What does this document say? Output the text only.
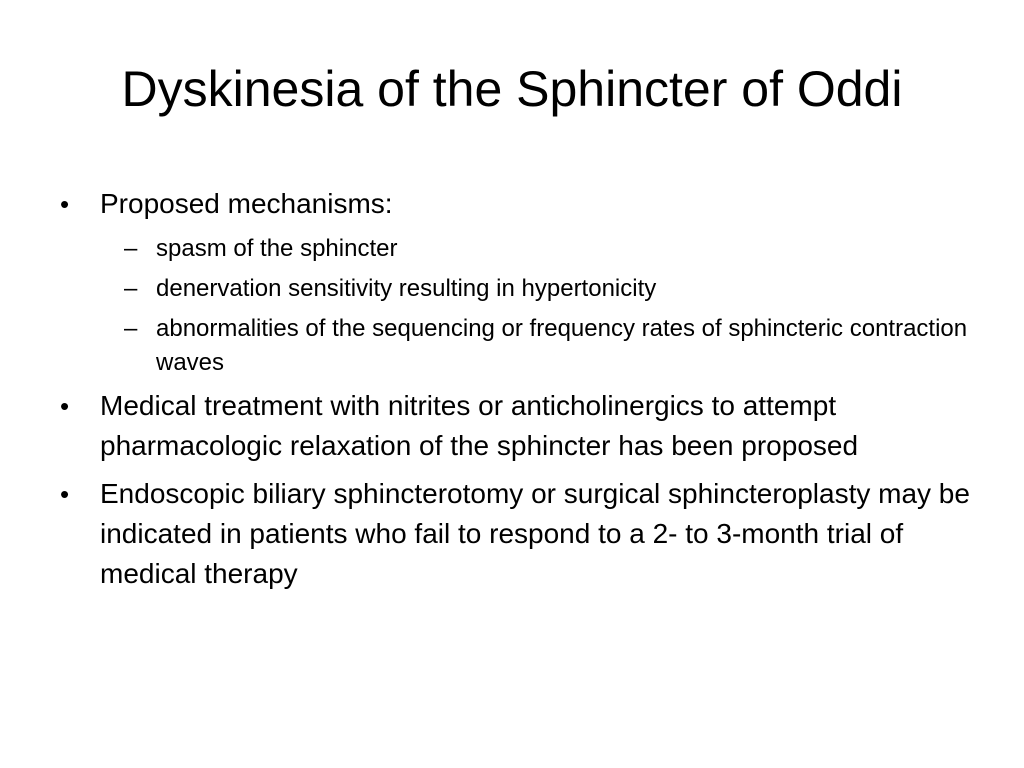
Dyskinesia of the Sphincter of Oddi
•	Proposed mechanisms:
– spasm of the sphincter
– denervation sensitivity resulting in hypertonicity
– abnormalities of the sequencing or frequency rates of sphincteric contraction waves
•	Medical treatment with nitrites or anticholinergics to attempt pharmacologic relaxation of the sphincter has been proposed
•	Endoscopic biliary sphincterotomy or surgical sphincteroplasty may be indicated in patients who fail to respond to a 2- to 3-month trial of medical therapy
